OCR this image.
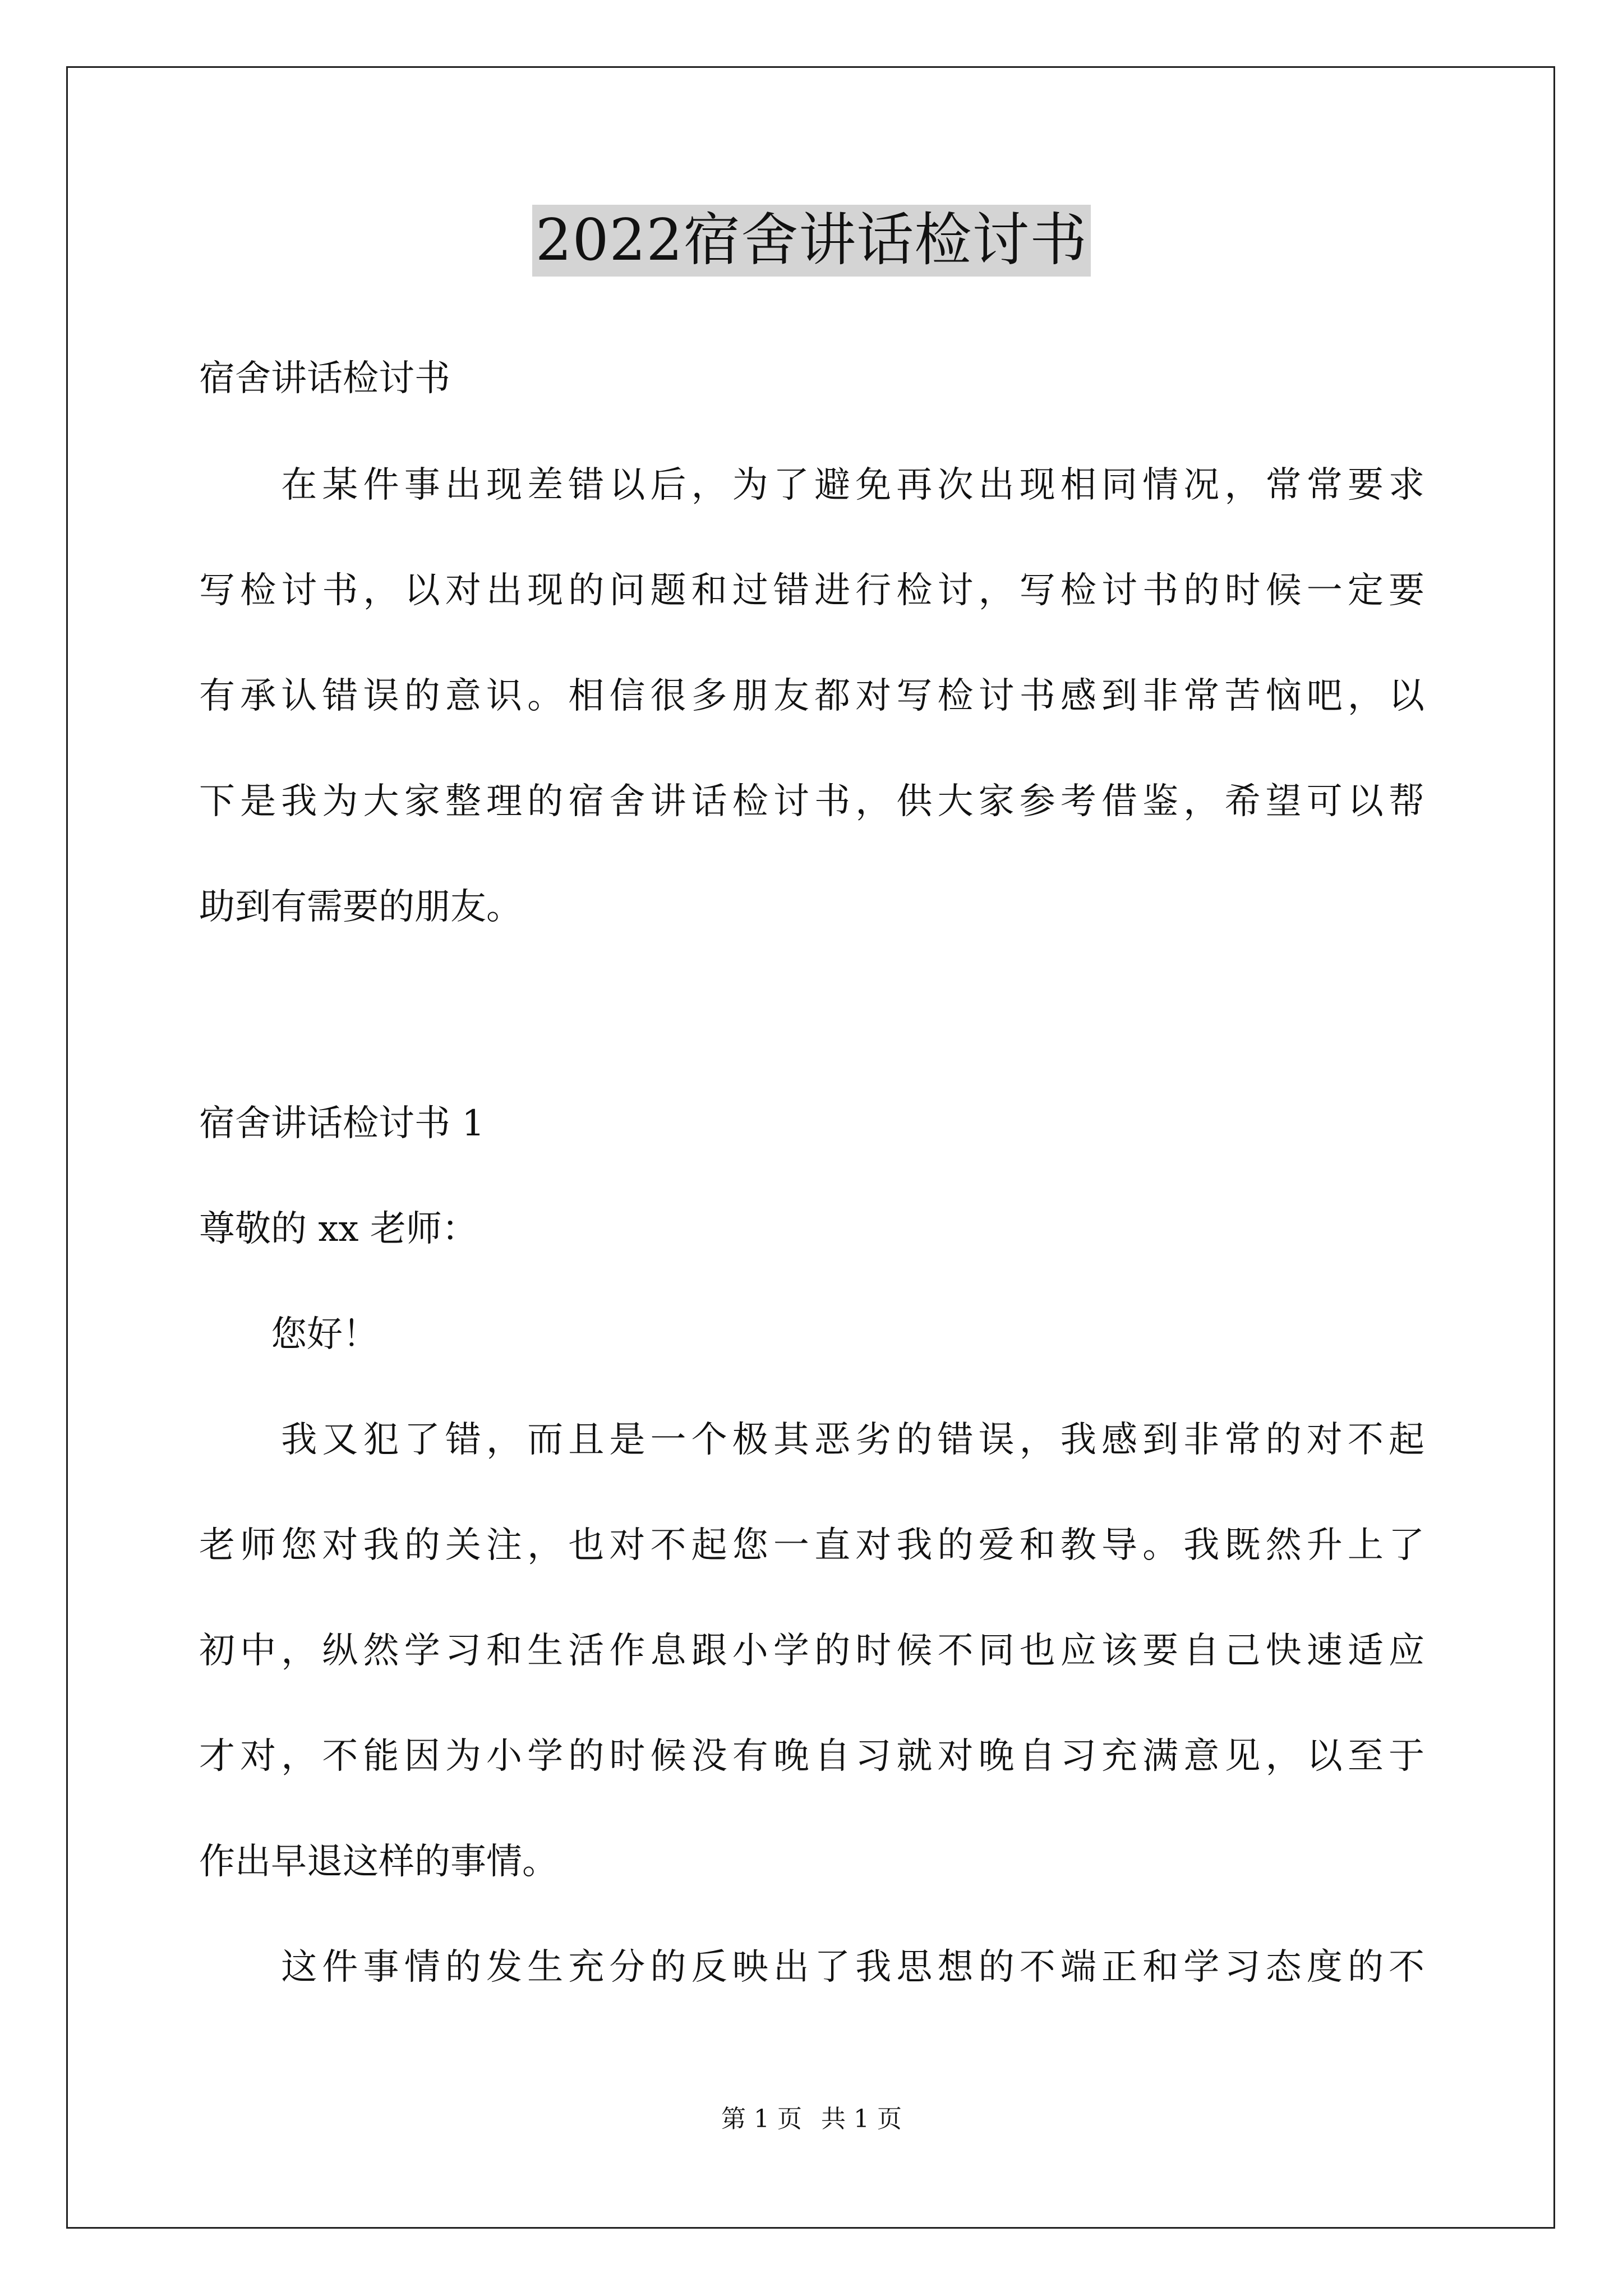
2022宿舍讲话检讨书

宿舍讲话检讨书

　　在某件事出现差错以后，为了避免再次出现相同情况，常常要求

写检讨书，以对出现的问题和过错进行检讨，写检讨书的时候一定要

有承认错误的意识。相信很多朋友都对写检讨书感到非常苦恼吧，以

下是我为大家整理的宿舍讲话检讨书，供大家参考借鉴，希望可以帮

助到有需要的朋友。

宿舍讲话检讨书 1

尊敬的 xx 老师：

　　您好！

　　我又犯了错，而且是一个极其恶劣的错误，我感到非常的对不起

老师您对我的关注，也对不起您一直对我的爱和教导。我既然升上了

初中，纵然学习和生活作息跟小学的时候不同也应该要自己快速适应

才对，不能因为小学的时候没有晚自习就对晚自习充满意见，以至于

作出早退这样的事情。

　　这件事情的发生充分的反映出了我思想的不端正和学习态度的不

第 1 页 共 1 页
